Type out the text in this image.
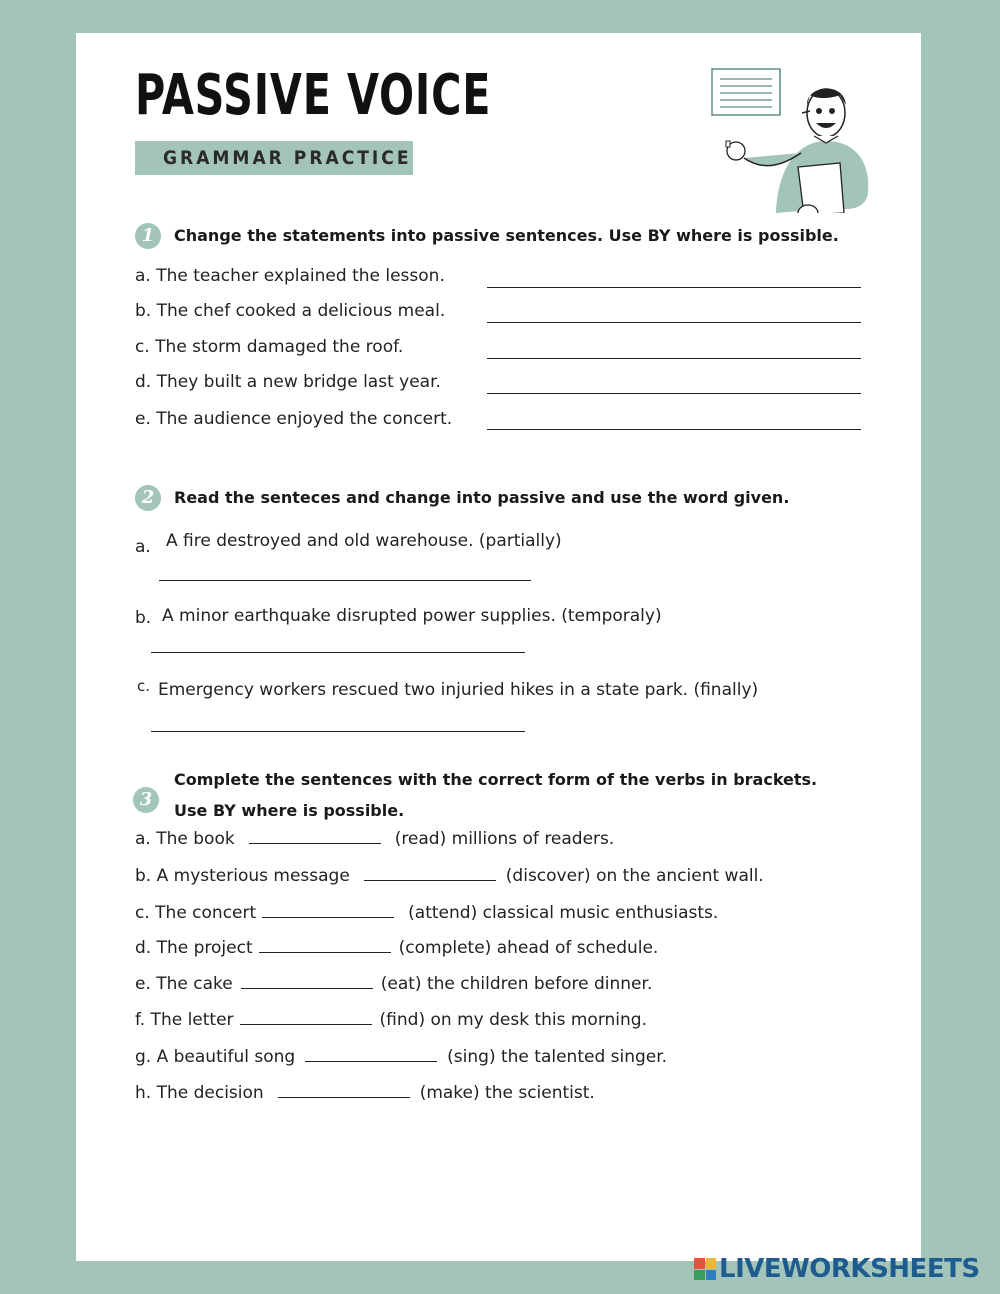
PASSIVE VOICE
GRAMMAR PRACTICE
1	Change the statements into passive sentences. Use BY where is possible.
a. The teacher explained the lesson.
b. The chef cooked a delicious meal.
c. The storm damaged the roof.
d. They built a new bridge last year.
e. The audience enjoyed the concert.
2	Read the senteces and change into passive and use the word given.
a. A fire destroyed and old warehouse. (partially)
b. A minor earthquake disrupted power supplies. (temporaly)
c. Emergency workers rescued two injuried hikes in a state park. (finally)
3
Complete the sentences with the correct form of the verbs in brackets.
Use BY where is possible.
a. The book	(read) millions of readers.
b. A mysterious message	(discover) on the ancient wall.
c. The concert	(attend) classical music enthusiasts.
d. The project	(complete) ahead of schedule.
e. The cake	(eat) the children before dinner.
f. The letter	(find) on my desk this morning.
g. A beautiful song	(sing) the talented singer.
h. The decision	(make) the scientist.
LIVEWORKSHEETS
